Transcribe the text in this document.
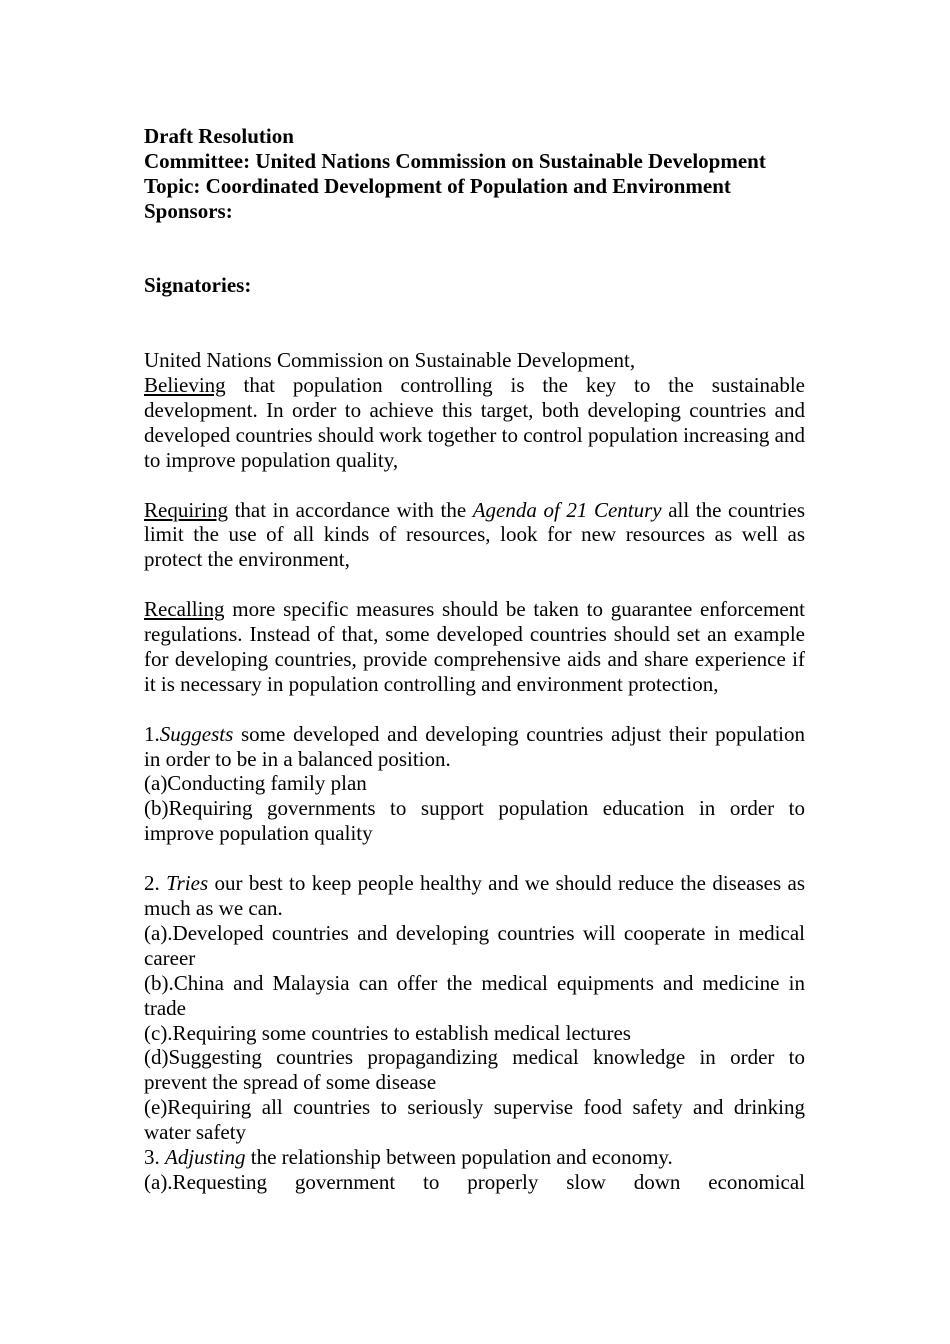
Draft Resolution
Committee: United Nations Commission on Sustainable Development
Topic: Coordinated Development of Population and Environment
Sponsors:
Signatories:
United Nations Commission on Sustainable Development,

Believing that population controlling is the key to the sustainable development. In order to achieve this target, both developing countries and developed countries should work together to control population increasing and to improve population quality,

Requiring that in accordance with the Agenda of 21 Century all the countries limit the use of all kinds of resources, look for new resources as well as protect the environment,

Recalling more specific measures should be taken to guarantee enforcement regulations. Instead of that, some developed countries should set an example for developing countries, provide comprehensive aids and share experience if it is necessary in population controlling and environment protection,

1.Suggests some developed and developing countries adjust their population in order to be in a balanced position.

(a)Conducting family plan

(b)Requiring governments to support population education in order to improve population quality

2. Tries our best to keep people healthy and we should reduce the diseases as much as we can.

(a).Developed countries and developing countries will cooperate in medical career

(b).China and Malaysia can offer the medical equipments and medicine in trade

(c).Requiring some countries to establish medical lectures

(d)Suggesting countries propagandizing medical knowledge in order to prevent the spread of some disease

(e)Requiring all countries to seriously supervise food safety and drinking water safety

3. Adjusting the relationship between population and economy.

(a).Requesting government to properly slow down economical
